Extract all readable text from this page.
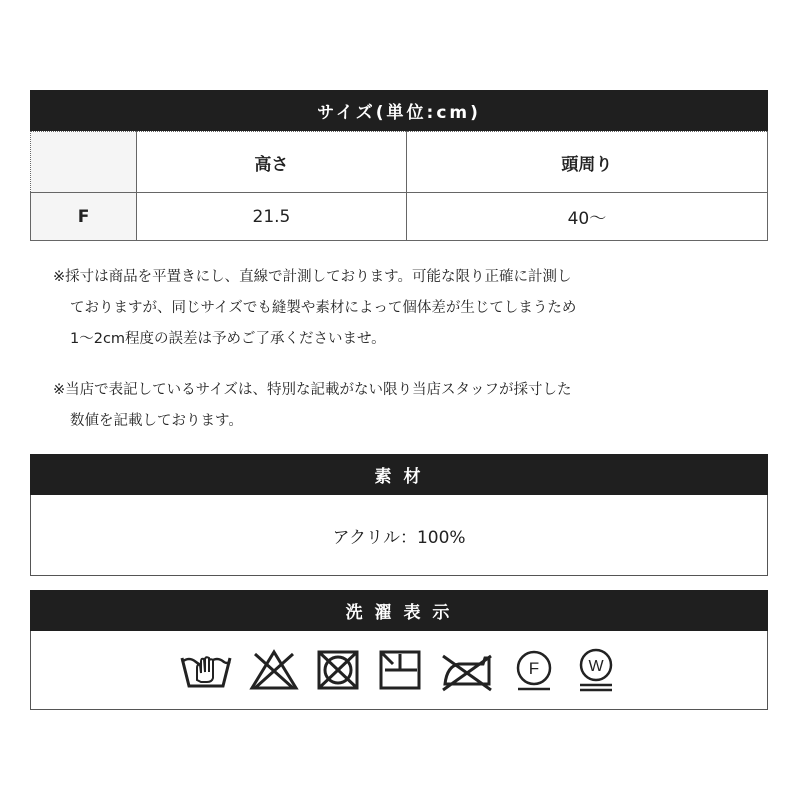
サイズ(単位:cm)
	高さ	頭周り
F	21.5	40〜
※採寸は商品を平置きにし、直線で計測しております。可能な限り正確に計測し
ておりますが、同じサイズでも縫製や素材によって個体差が生じてしまうため
1〜2cm程度の誤差は予めご了承くださいませ。
※当店で表記しているサイズは、特別な記載がない限り当店スタッフが採寸した
数値を記載しております。
素 材
アクリル：100%
洗 濯 表 示
F	W
